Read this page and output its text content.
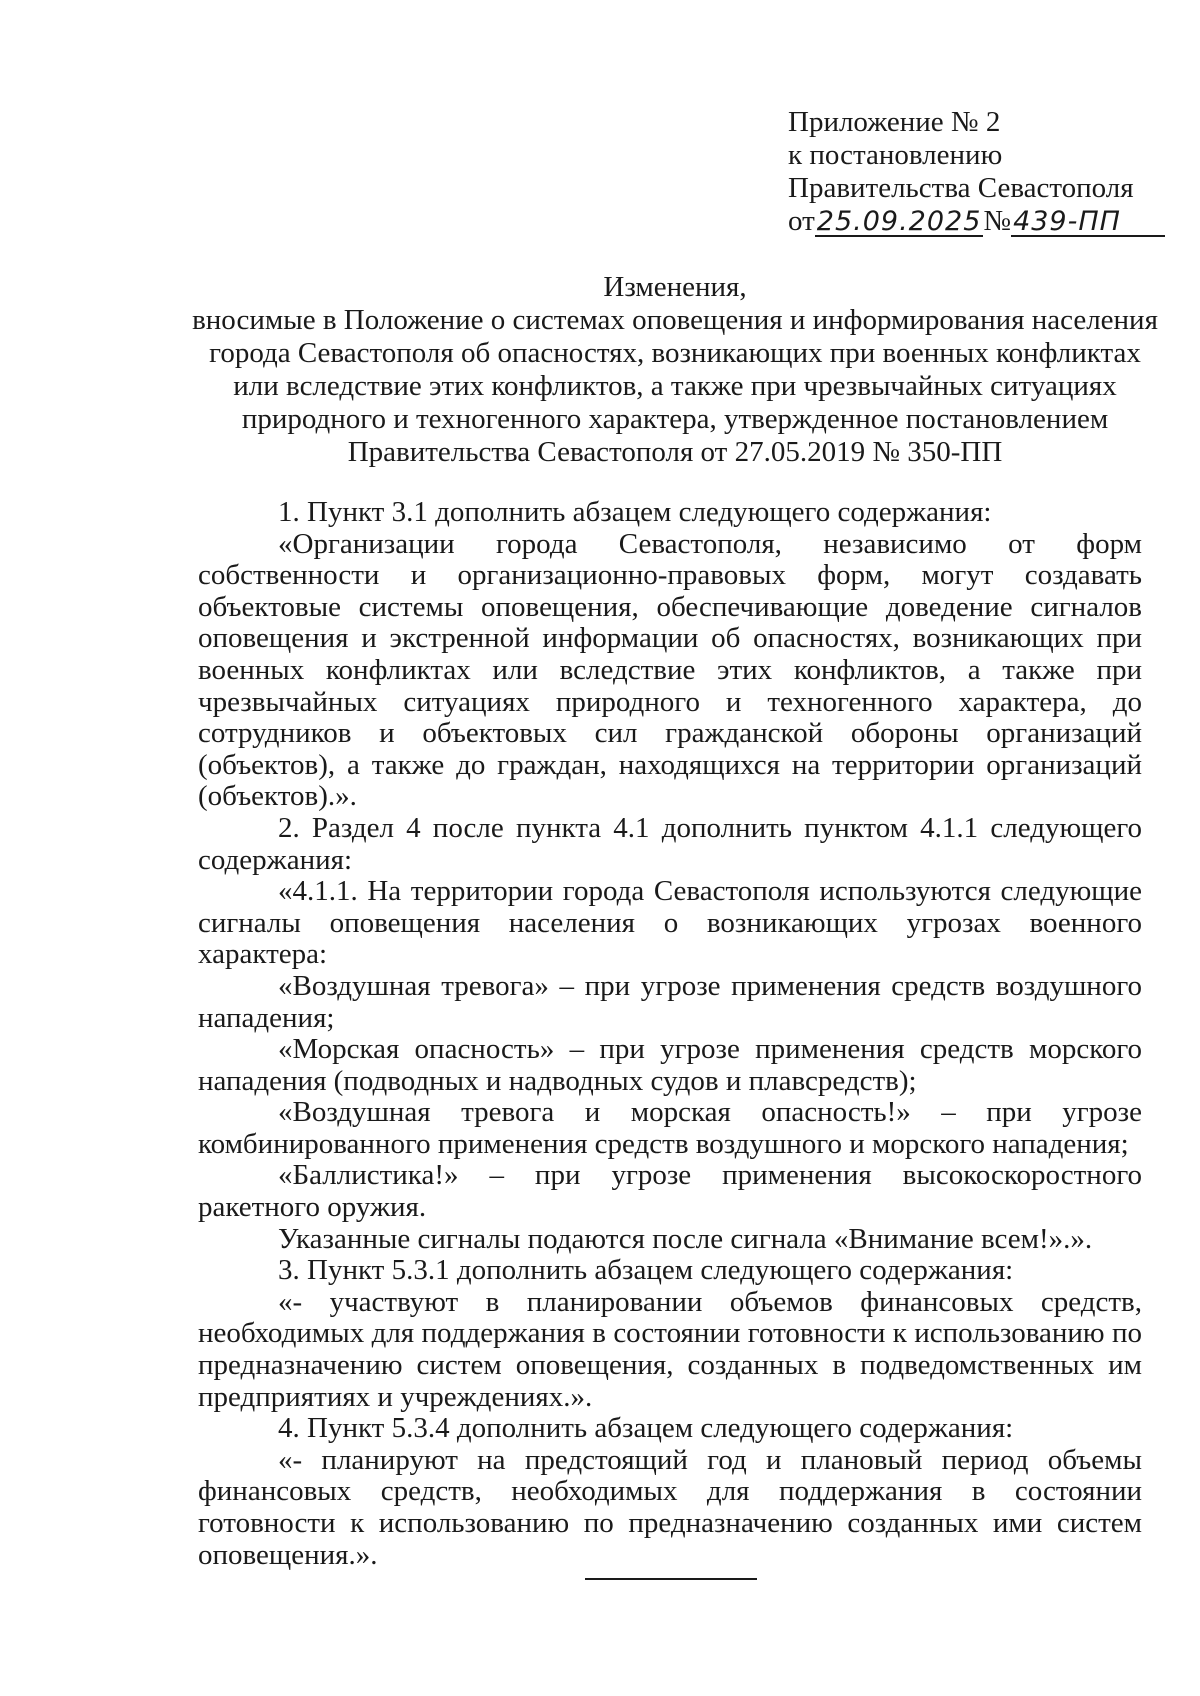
Приложение № 2
к постановлению
Правительства Севастополя
от25.09.2025№439-ПП
Изменения,
вносимые в Положение о системах оповещения и информирования населения города Севастополя об опасностях, возникающих при военных конфликтах или вследствие этих конфликтов, а также при чрезвычайных ситуациях природного и техногенного характера, утвержденное постановлением Правительства Севастополя от 27.05.2019 № 350-ПП

1. Пункт 3.1 дополнить абзацем следующего содержания:

«Организации города Севастополя, независимо от форм собственности и организационно-правовых форм, могут создавать объектовые системы оповещения, обеспечивающие доведение сигналов оповещения и экстренной информации об опасностях, возникающих при военных конфликтах или вследствие этих конфликтов, а также при чрезвычайных ситуациях природного и техногенного характера, до сотрудников и объектовых сил гражданской обороны организаций (объектов), а также до граждан, находящихся на территории организаций (объектов).».

2. Раздел 4 после пункта 4.1 дополнить пунктом 4.1.1 следующего содержания:

«4.1.1. На территории города Севастополя используются следующие сигналы оповещения населения о возникающих угрозах военного характера:

«Воздушная тревога» – при угрозе применения средств воздушного нападения;

«Морская опасность» – при угрозе применения средств морского нападения (подводных и надводных судов и плавсредств);

«Воздушная тревога и морская опасность!» – при угрозе комбинированного применения средств воздушного и морского нападения;

«Баллистика!» – при угрозе применения высокоскоростного ракетного оружия.

Указанные сигналы подаются после сигнала «Внимание всем!».».

3. Пункт 5.3.1 дополнить абзацем следующего содержания:

«- участвуют в планировании объемов финансовых средств, необходимых для поддержания в состоянии готовности к использованию по предназначению систем оповещения, созданных в подведомственных им предприятиях и учреждениях.».

4. Пункт 5.3.4 дополнить абзацем следующего содержания:

«- планируют на предстоящий год и плановый период объемы финансовых средств, необходимых для поддержания в состоянии готовности к использованию по предназначению созданных ими систем оповещения.».
